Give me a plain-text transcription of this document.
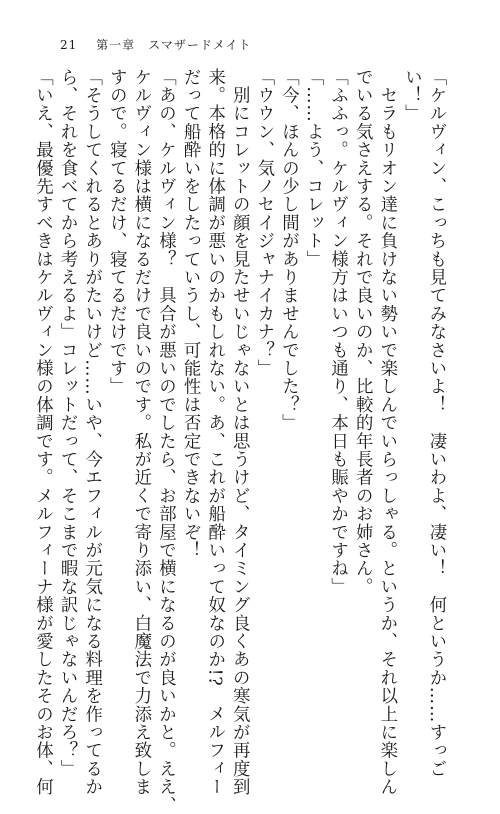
21 第一章　スマザードメイト

「ケルヴィン、こっちも見てみなさいよ！　凄いわよ、凄い！　何というか……すっご

い！」

　セラもリオン達に負けない勢いで楽しんでいらっしゃる。というか、それ以上に楽しん

でいる気さえする。それで良いのか、比較的年長者のお姉さん。

「ふふっ。ケルヴィン様方はいつも通り、本日も賑やかですね」

「……よう、コレット」

「今、ほんの少し間がありませんでした？」

「ウウン、気ノセイジャナイカナ？」

　別にコレットの顔を見たせいじゃないとは思うけど、タイミング良くあの寒気が再度到

来。本格的に体調が悪いのかもしれない。あ、これが船酔いって奴なのか!?　メルフィー

だって船酔いをしたっていうし、可能性は否定できないぞ！

「あの、ケルヴィン様？　具合が悪いのでしたら、お部屋で横になるのが良いかと。ええ、

ケルヴィン様は横になるだけで良いのです。私が近くで寄り添い、白魔法で力添え致しま

すので。寝てるだけ、寝てるだけです」

「そうしてくれるとありがたいけど……いや、今エフィルが元気になる料理を作ってるか

ら、それを食べてから考えるよ」コレットだって、そこまで暇な訳じゃないんだろ？」

「いえ、最優先すべきはケルヴィン様の体調です。メルフィーナ様が愛したそのお体、何
